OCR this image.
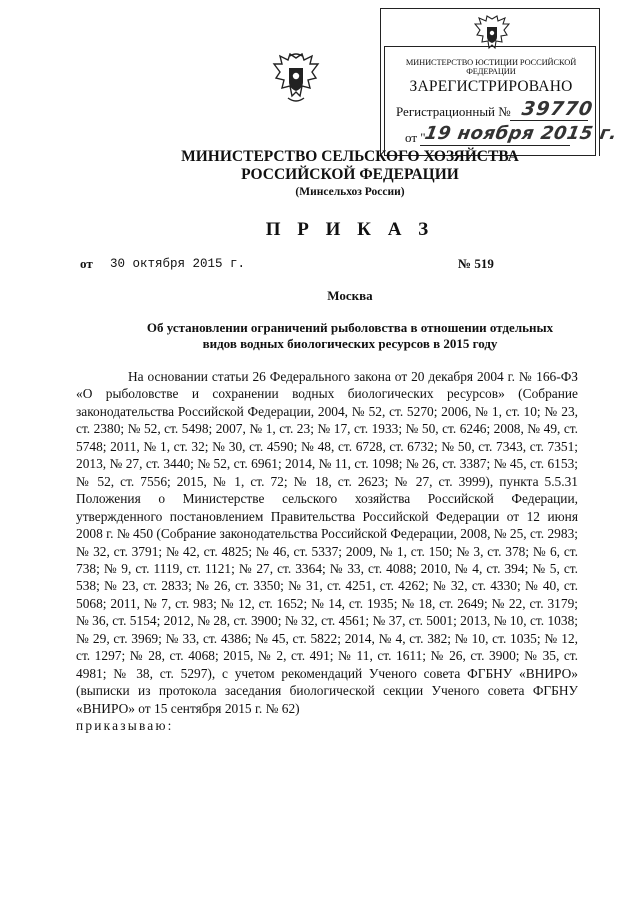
МИНИСТЕРСТВО ЮСТИЦИИ РОССИЙСКОЙ ФЕДЕРАЦИИ
ЗАРЕГИСТРИРОВАНО
Регистрационный № 39770
от "
19 ноября 2015 г.
МИНИСТЕРСТВО СЕЛЬСКОГО ХОЗЯЙСТВА
РОССИЙСКОЙ ФЕДЕРАЦИИ
(Минсельхоз России)
П Р И К А З
от 30 октября 2015 г.	№ 519
Москва
Об установлении ограничений рыболовства в отношении отдельных
видов водных биологических ресурсов в 2015 году

На основании статьи 26 Федерального закона от 20 декабря 2004 г. № 166-ФЗ «О рыболовстве и сохранении водных биологических ресурсов» (Собрание законодательства Российской Федерации, 2004, № 52, ст. 5270; 2006, № 1, ст. 10; № 23, ст. 2380; № 52, ст. 5498; 2007, № 1, ст. 23; № 17, ст. 1933; № 50, ст. 6246; 2008, № 49, ст. 5748; 2011, № 1, ст. 32; № 30, ст. 4590; № 48, ст. 6728, ст. 6732; № 50, ст. 7343, ст. 7351; 2013, № 27, ст. 3440; № 52, ст. 6961; 2014, № 11, ст. 1098; № 26, ст. 3387; № 45, ст. 6153; № 52, ст. 7556; 2015, № 1, ст. 72; № 18, ст. 2623; № 27, ст. 3999), пункта 5.5.31 Положения о Министерстве сельского хозяйства Российской Федерации, утвержденного постановлением Правительства Российской Федерации от 12 июня 2008 г. № 450 (Собрание законодательства Российской Федерации, 2008, № 25, ст. 2983; № 32, ст. 3791; № 42, ст. 4825; № 46, ст. 5337; 2009, № 1, ст. 150; № 3, ст. 378; № 6, ст. 738; № 9, ст. 1119, ст. 1121; № 27, ст. 3364; № 33, ст. 4088; 2010, № 4, ст. 394; № 5, ст. 538; № 23, ст. 2833; № 26, ст. 3350; № 31, ст. 4251, ст. 4262; № 32, ст. 4330; № 40, ст. 5068; 2011, № 7, ст. 983; № 12, ст. 1652; № 14, ст. 1935; № 18, ст. 2649; № 22, ст. 3179; № 36, ст. 5154; 2012, № 28, ст. 3900; № 32, ст. 4561; № 37, ст. 5001; 2013, № 10, ст. 1038; № 29, ст. 3969; № 33, ст. 4386; № 45, ст. 5822; 2014, № 4, ст. 382; № 10, ст. 1035; № 12, ст. 1297; № 28, ст. 4068; 2015, № 2, ст. 491; № 11, ст. 1611; № 26, ст. 3900; № 35, ст. 4981; № 38, ст. 5297), с учетом рекомендаций Ученого совета ФГБНУ «ВНИРО» (выписки из протокола заседания биологической секции Ученого совета ФГБНУ «ВНИРО» от 15 сентября 2015 г. № 62)

приказываю:
